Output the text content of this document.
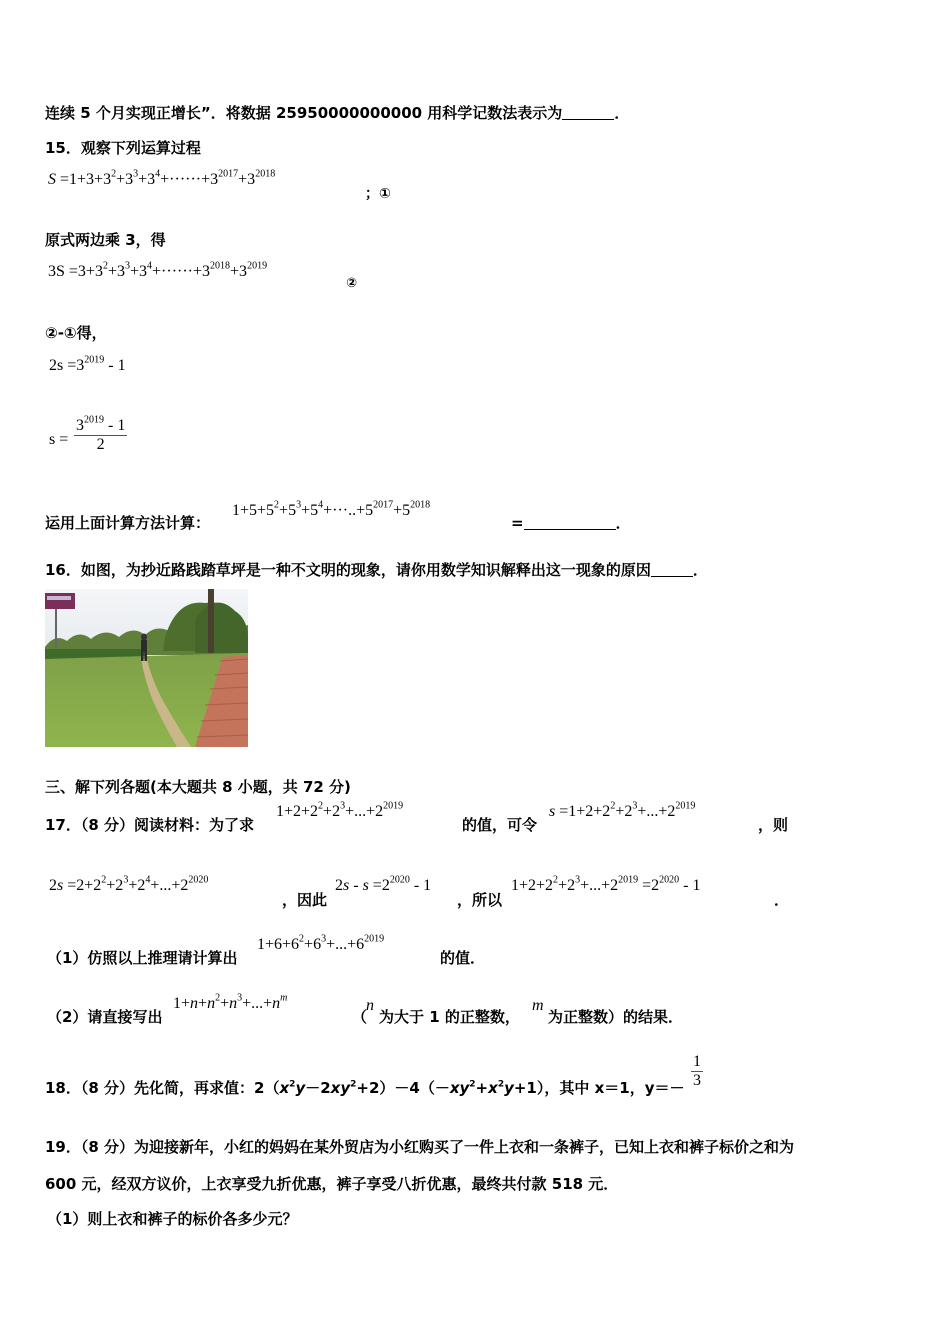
连续 5 个月实现正增长”．将数据 25950000000000 用科学记数法表示为	．
15．观察下列运算过程
$S =1+3+3^2+3^3+3^4+\cdot\cdot\cdot\cdot\cdot\cdot+3^{2017}+3^{2018}$
；①
原式两边乘 3，得
$3S =3+3^2+3^3+3^4+\cdot\cdot\cdot\cdot\cdot\cdot+3^{2018}+3^{2019}$
②
②-①得，
$2s =3^{2019} - 1$
s =
$3^{2019} - 1$
2
运用上面计算方法计算：
$1+5+5^2+5^3+5^4+\cdot\cdot\cdot..+5^{2017}+5^{2018}$
=	．
16．如图，为抄近路践踏草坪是一种不文明的现象，请你用数学知识解释出这一现象的原因	．
三、解下列各题(本大题共 8 小题，共 72 分)
17．（8 分）阅读材料：为了求
$1+2+2^2+2^3+...+2^{2019}$
的值，可令
$s =1+2+2^2+2^3+...+2^{2019}$
，则
$2s =2+2^2+2^3+2^4+...+2^{2020}$
，因此
$2s - s =2^{2020} - 1$
，所以
$1+2+2^2+2^3+...+2^{2019} =2^{2020} - 1$
．
（1）仿照以上推理请计算出
$1+6+6^2+6^3+...+6^{2019}$
的值．
（2）请直接写出
$1+n+n^2+n^3+...+n^m$
（
n
为大于 1 的正整数，
m
为正整数）的结果．
18．（8 分）先化简，再求值：$2(x^2y-2xy^2+2)-4(-xy^2+x^2y+1)$，其中 x＝1，y＝－
1
3
19．（8 分）为迎接新年，小红的妈妈在某外贸店为小红购买了一件上衣和一条裤子，已知上衣和裤子标价之和为
600 元，经双方议价，上衣享受九折优惠，裤子享受八折优惠，最终共付款 518 元．
（1）则上衣和裤子的标价各多少元？
